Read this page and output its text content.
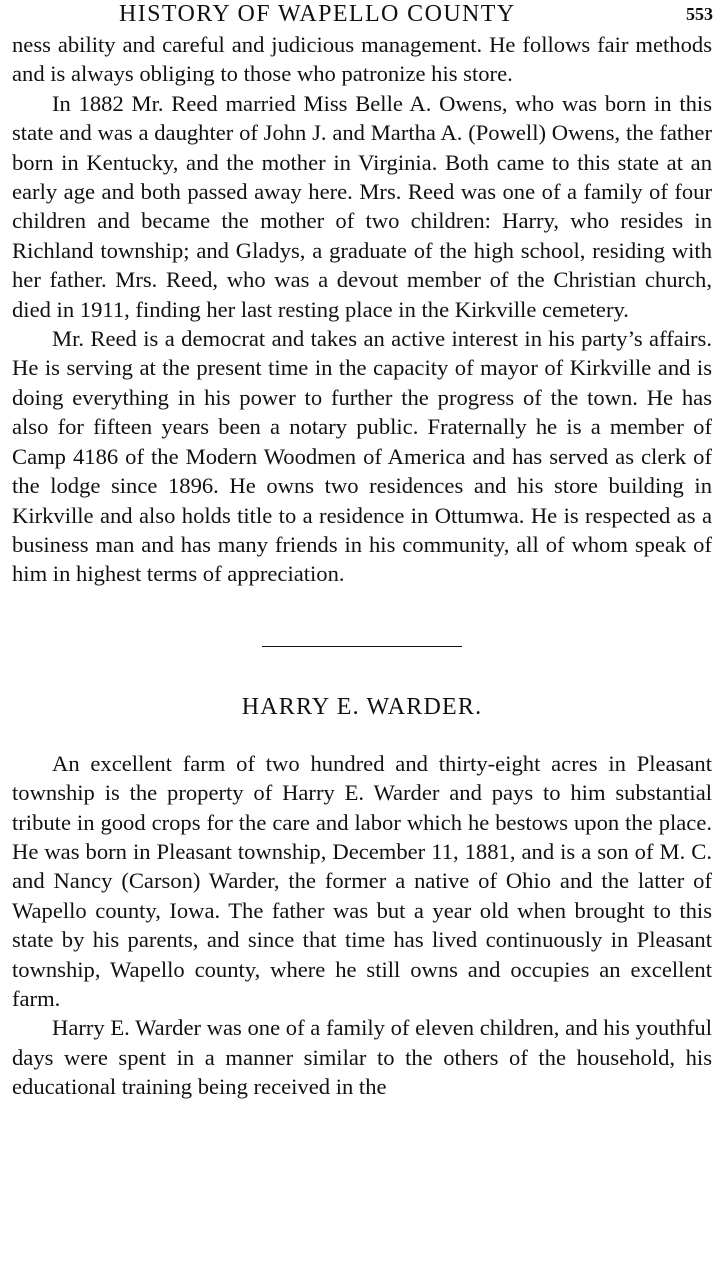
HISTORY OF WAPELLO COUNTY	553

ness ability and careful and judicious management. He follows fair methods and is always obliging to those who patronize his store.

In 1882 Mr. Reed married Miss Belle A. Owens, who was born in this state and was a daughter of John J. and Martha A. (Powell) Owens, the father born in Kentucky, and the mother in Virginia. Both came to this state at an early age and both passed away here. Mrs. Reed was one of a family of four children and became the mother of two children: Harry, who resides in Richland township; and Gladys, a graduate of the high school, residing with her father. Mrs. Reed, who was a devout member of the Christian church, died in 1911, finding her last resting place in the Kirkville cemetery.

Mr. Reed is a democrat and takes an active interest in his party’s affairs. He is serving at the present time in the capacity of mayor of Kirkville and is doing everything in his power to further the progress of the town. He has also for fifteen years been a notary public. Fraternally he is a member of Camp 4186 of the Modern Woodmen of America and has served as clerk of the lodge since 1896. He owns two residences and his store building in Kirkville and also holds title to a residence in Ottumwa. He is respected as a business man and has many friends in his community, all of whom speak of him in highest terms of appreciation.

HARRY E. WARDER.

An excellent farm of two hundred and thirty-eight acres in Pleasant township is the property of Harry E. Warder and pays to him substantial tribute in good crops for the care and labor which he bestows upon the place. He was born in Pleasant township, December 11, 1881, and is a son of M. C. and Nancy (Carson) Warder, the former a native of Ohio and the latter of Wapello county, Iowa. The father was but a year old when brought to this state by his parents, and since that time has lived continuously in Pleasant township, Wapello county, where he still owns and occupies an excellent farm.

Harry E. Warder was one of a family of eleven children, and his youthful days were spent in a manner similar to the others of the household, his educational training being received in the
